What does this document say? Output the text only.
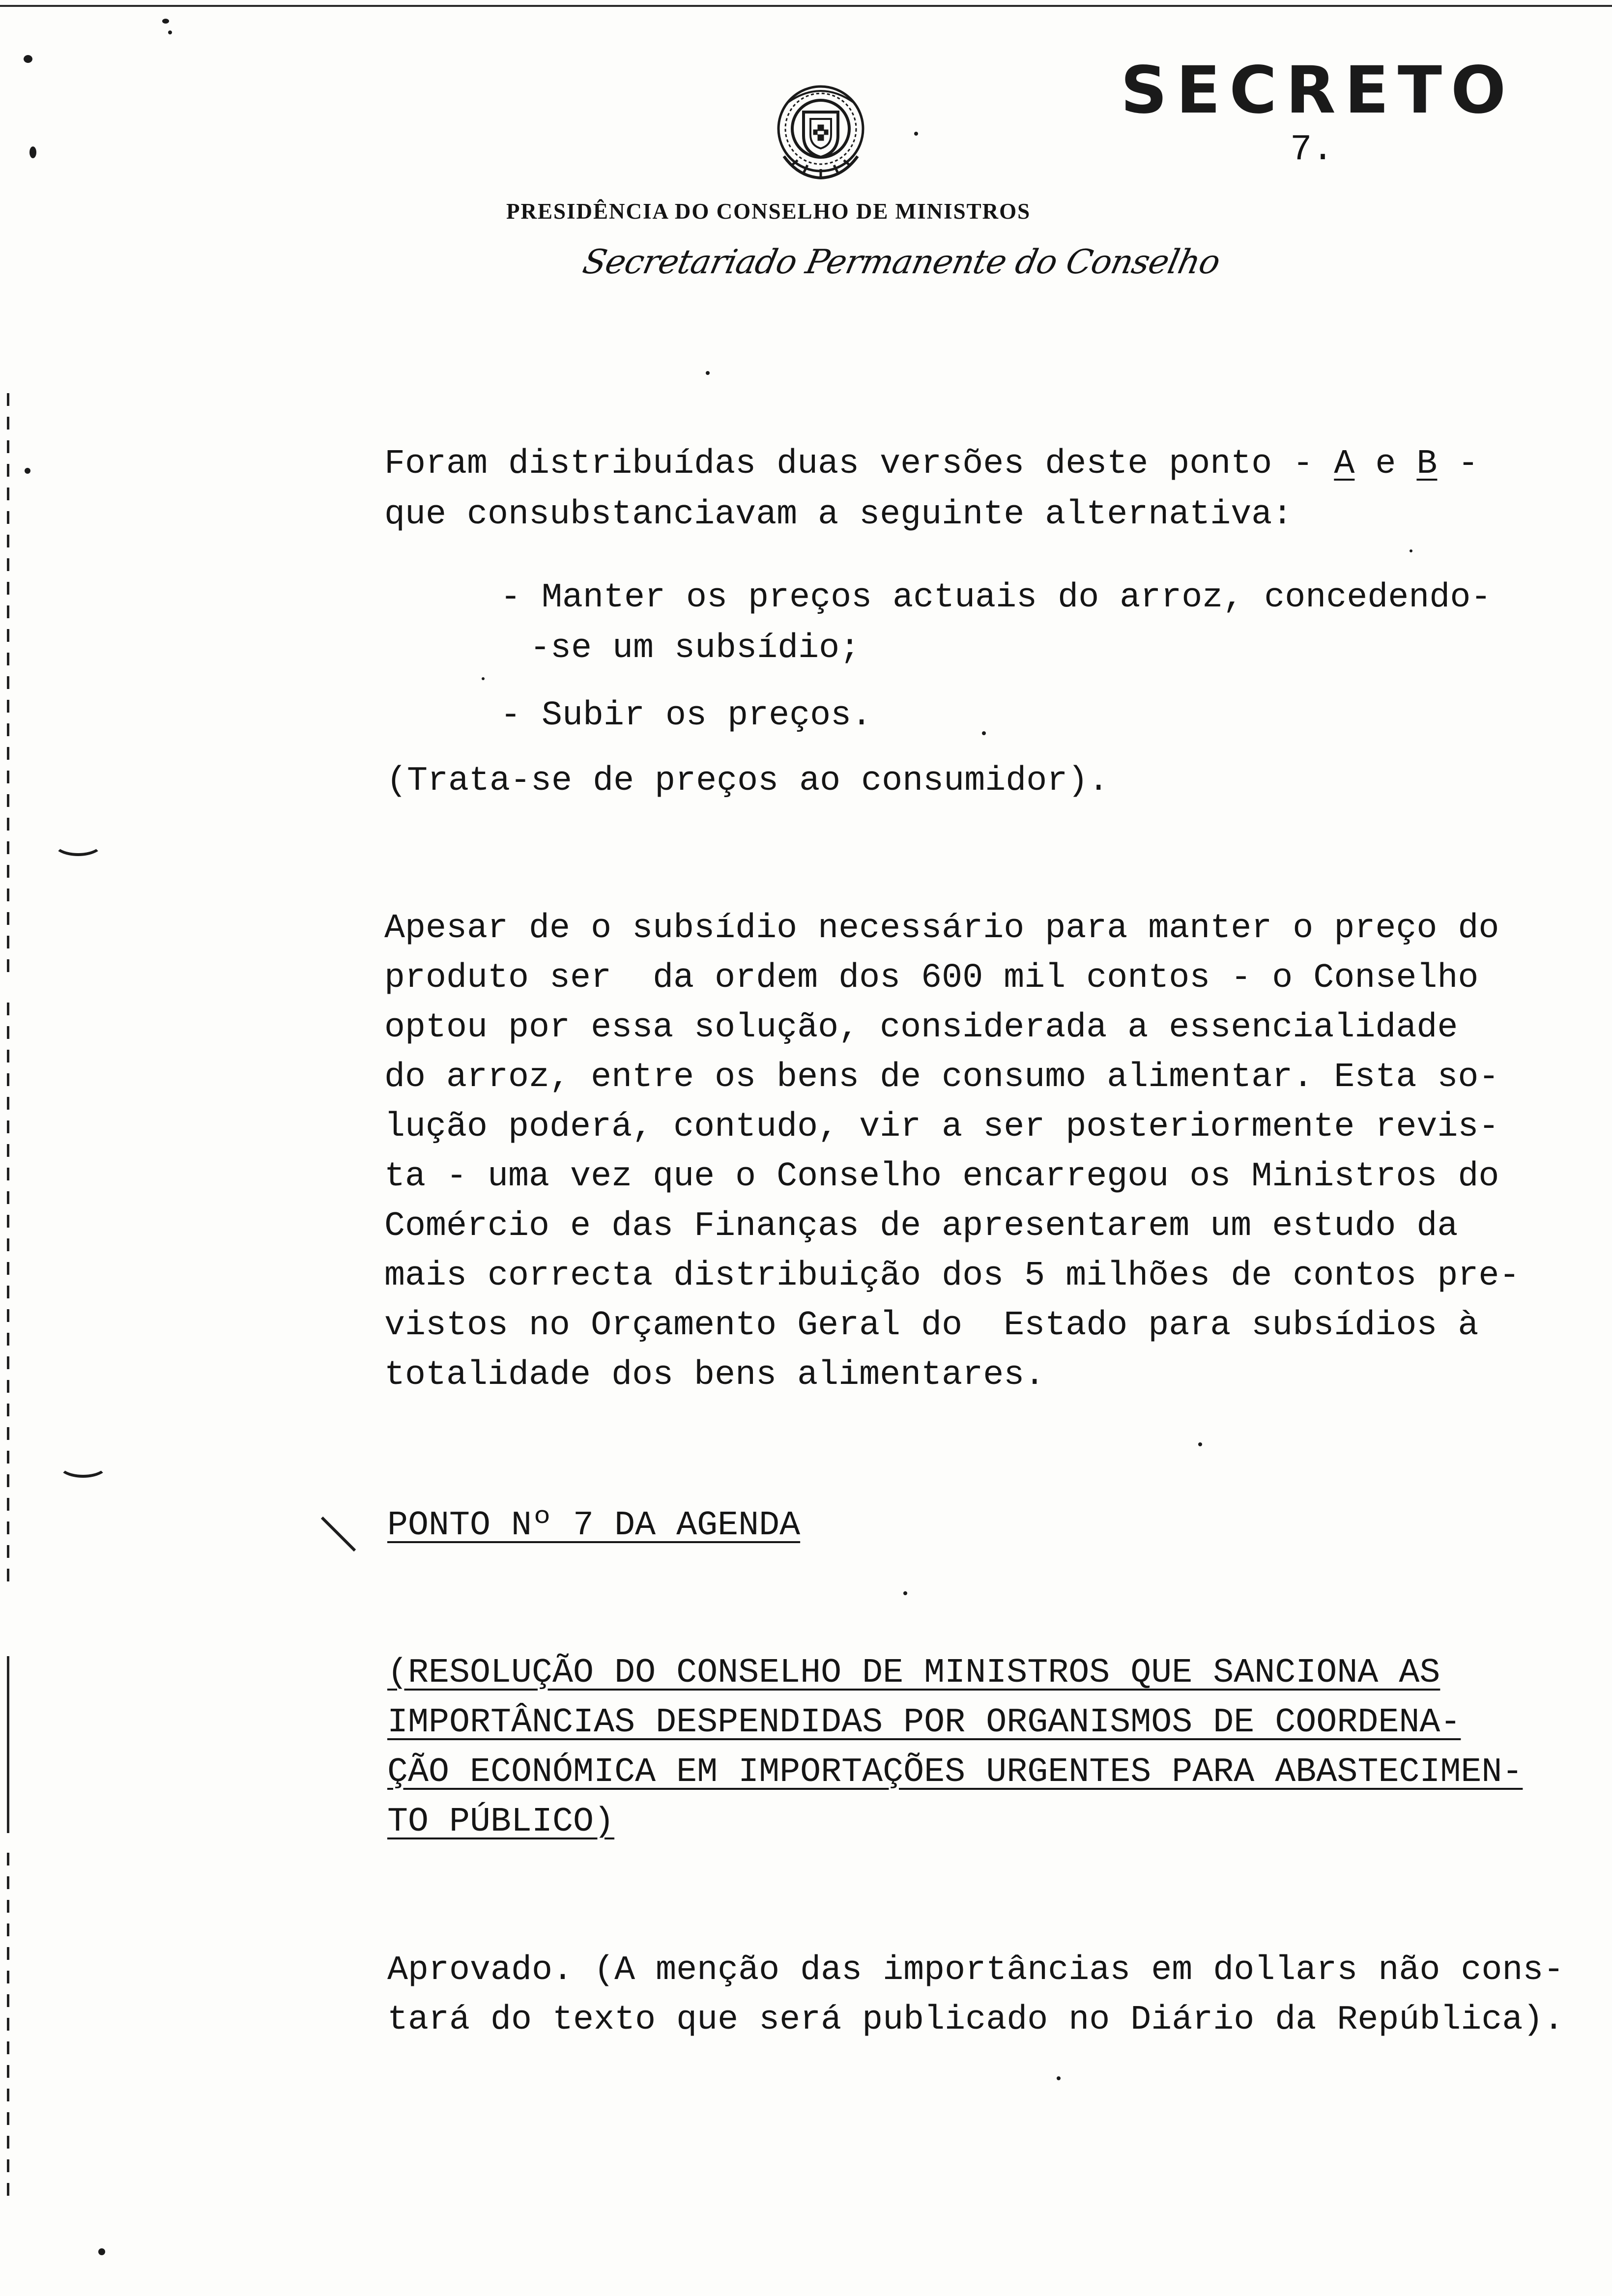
SECRETO
7.
PRESIDÊNCIA DO CONSELHO DE MINISTROS
Secretariado Permanente do Conselho
Foram distribuídas duas versões deste ponto - A e B -
que consubstanciavam a seguinte alternativa:
- Manter os preços actuais do arroz, concedendo-
-se um subsídio;
- Subir os preços.
(Trata-se de preços ao consumidor).
Apesar de o subsídio necessário para manter o preço do
produto ser  da ordem dos 600 mil contos - o Conselho
optou por essa solução, considerada a essencialidade
do arroz, entre os bens de consumo alimentar. Esta so-
lução poderá, contudo, vir a ser posteriormente revis-
ta - uma vez que o Conselho encarregou os Ministros do
Comércio e das Finanças de apresentarem um estudo da
mais correcta distribuição dos 5 milhões de contos pre-
vistos no Orçamento Geral do  Estado para subsídios à
totalidade dos bens alimentares.
PONTO Nº 7 DA AGENDA
(RESOLUÇÃO DO CONSELHO DE MINISTROS QUE SANCIONA AS
IMPORTÂNCIAS DESPENDIDAS POR ORGANISMOS DE COORDENA-
ÇÃO ECONÓMICA EM IMPORTAÇÕES URGENTES PARA ABASTECIMEN-
TO PÚBLICO)
Aprovado. (A menção das importâncias em dollars não cons-
tará do texto que será publicado no Diário da República).
